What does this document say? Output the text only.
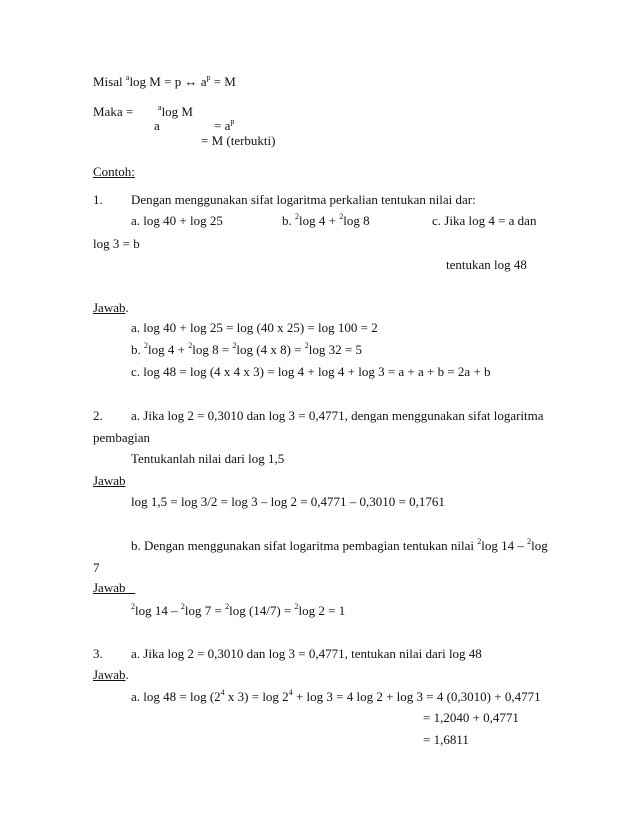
Misal $^a$log M = p ↔ $a^p = M$
Maka =	$^a$log M
a	= $a^p$
= M (terbukti)
Contoh:
1. Dengan menggunakan sifat logaritma perkalian tentukan nilai dar:
a. log 40 + log 25	b. $^2$log 4 + $^2$log 8	c. Jika log 4 = a dan
log 3 = b
tentukan log 48
Jawab.
a. log 40 + log 25 = log (40 x 25) = log 100 = 2
b. $^2$log 4 + $^2$log 8 = $^2$log (4 x 8) = $^2$log 32 = 5
c. log 48 = log (4 x 4 x 3) = log 4 + log 4 + log 3 = a + a + b = 2a + b
2. a. Jika log 2 = 0,3010 dan log 3 = 0,4771, dengan menggunakan sifat logaritma
pembagian
Tentukanlah nilai dari log 1,5
Jawab
log 1,5 = log 3/2 = log 3 – log 2 = 0,4771 – 0,3010 = 0,1761
b. Dengan menggunakan sifat logaritma pembagian tentukan nilai $^2$log 14 – $^2$log
7
Jawab
$^2$log 14 – $^2$log 7 = $^2$log (14/7) = $^2$log 2 = 1
3. a. Jika log 2 = 0,3010 dan log 3 = 0,4771, tentukan nilai dari log 48
Jawab.
a. $\log 48 = \log (2^4$ x $3) = \log 2^4 + \log 3 = 4$ log 2 + log 3 = 4 (0,3010) + 0,4771
= 1,2040 + 0,4771
= 1,6811
